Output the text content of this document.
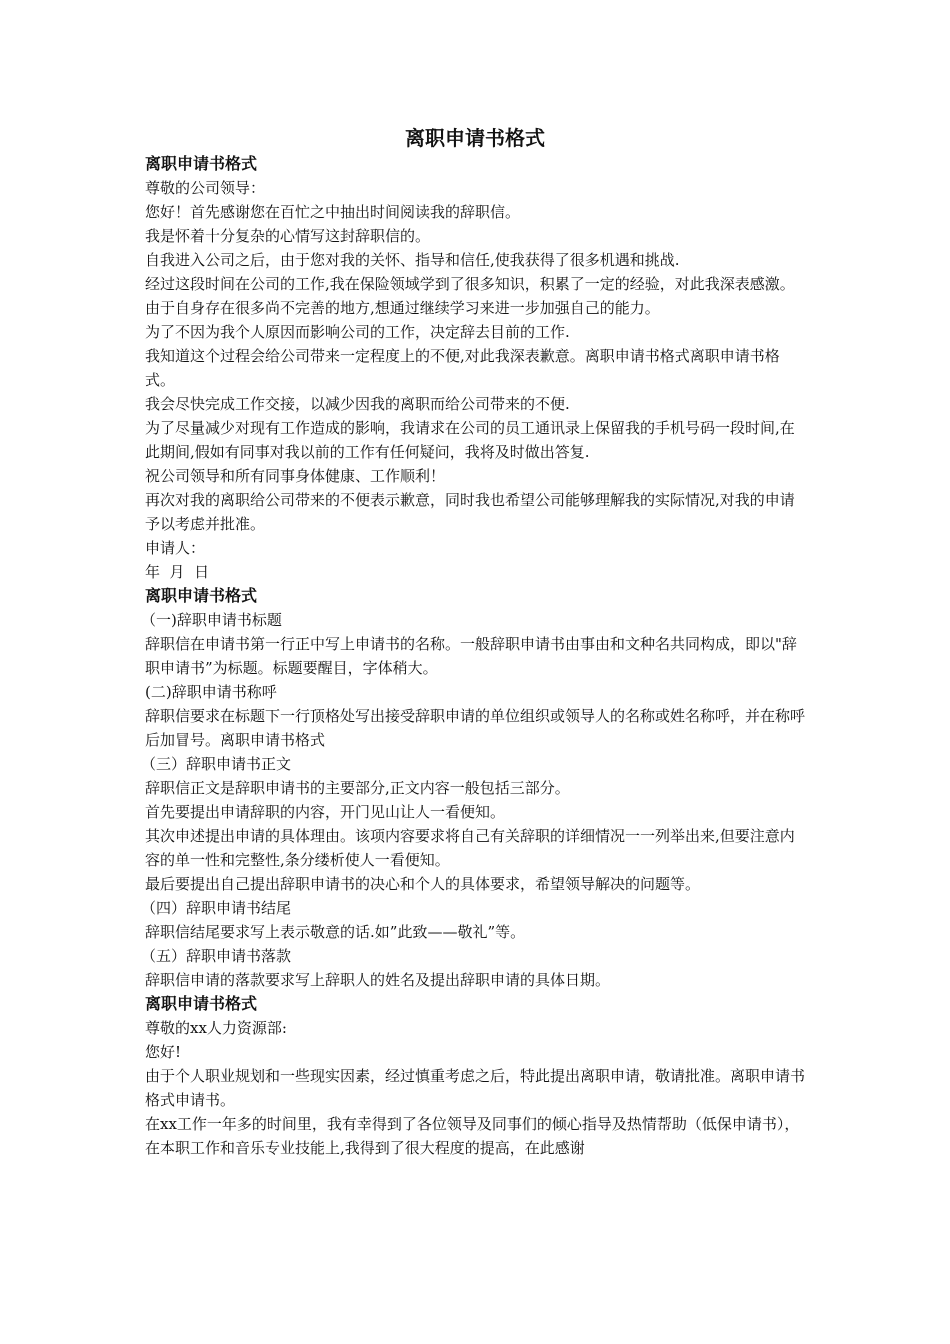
离职申请书格式
离职申请书格式
尊敬的公司领导：
您好！首先感谢您在百忙之中抽出时间阅读我的辞职信。
我是怀着十分复杂的心情写这封辞职信的。
自我进入公司之后，由于您对我的关怀、指导和信任,使我获得了很多机遇和挑战.
经过这段时间在公司的工作,我在保险领域学到了很多知识，积累了一定的经验，对此我深表感激。
由于自身存在很多尚不完善的地方,想通过继续学习来进一步加强自己的能力。
为了不因为我个人原因而影响公司的工作，决定辞去目前的工作.
我知道这个过程会给公司带来一定程度上的不便,对此我深表歉意。离职申请书格式离职申请书格式。
我会尽快完成工作交接，以减少因我的离职而给公司带来的不便.
为了尽量减少对现有工作造成的影响，我请求在公司的员工通讯录上保留我的手机号码一段时间,在此期间,假如有同事对我以前的工作有任何疑问，我将及时做出答复.
祝公司领导和所有同事身体健康、工作顺利！
再次对我的离职给公司带来的不便表示歉意，同时我也希望公司能够理解我的实际情况,对我的申请予以考虑并批准。
申请人：
年  月  日
离职申请书格式
（一)辞职申请书标题
辞职信在申请书第一行正中写上申请书的名称。一般辞职申请书由事由和文种名共同构成，即以"辞职申请书”为标题。标题要醒目，字体稍大。
(二)辞职申请书称呼
辞职信要求在标题下一行顶格处写出接受辞职申请的单位组织或领导人的名称或姓名称呼，并在称呼后加冒号。离职申请书格式
（三）辞职申请书正文
辞职信正文是辞职申请书的主要部分,正文内容一般包括三部分。
首先要提出申请辞职的内容，开门见山让人一看便知。
其次申述提出申请的具体理由。该项内容要求将自己有关辞职的详细情况一一列举出来,但要注意内容的单一性和完整性,条分缕析使人一看便知。
最后要提出自己提出辞职申请书的决心和个人的具体要求，希望领导解决的问题等。
（四）辞职申请书结尾
辞职信结尾要求写上表示敬意的话.如”此致——敬礼”等。
（五）辞职申请书落款
辞职信申请的落款要求写上辞职人的姓名及提出辞职申请的具体日期。
离职申请书格式
尊敬的xx人力资源部:
您好!
由于个人职业规划和一些现实因素，经过慎重考虑之后，特此提出离职申请，敬请批准。离职申请书格式申请书。
在xx工作一年多的时间里，我有幸得到了各位领导及同事们的倾心指导及热情帮助（低保申请书），在本职工作和音乐专业技能上,我得到了很大程度的提高，在此感谢
